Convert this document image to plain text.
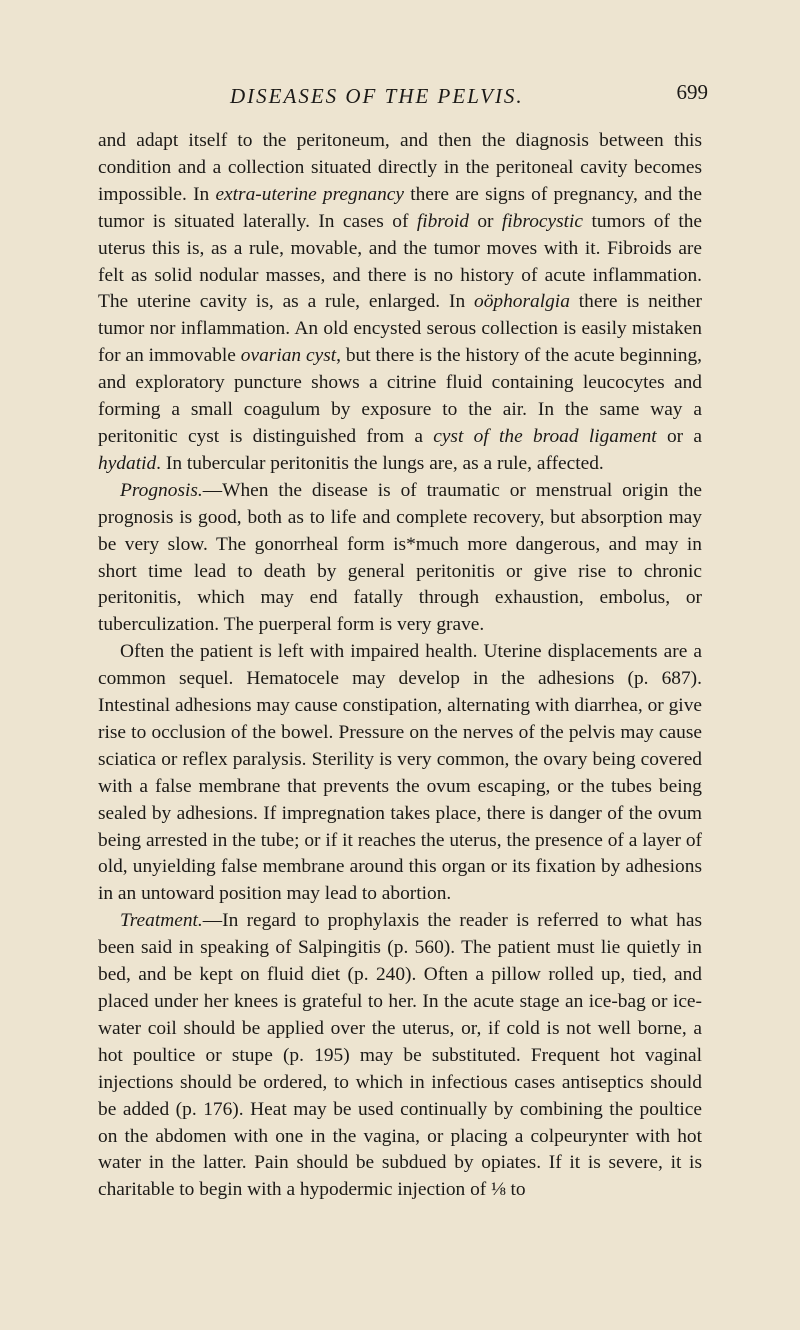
DISEASES OF THE PELVIS.	699

and adapt itself to the peritoneum, and then the diagnosis between this condition and a collection situated directly in the peritoneal cavity becomes impossible. In extra-uterine pregnancy there are signs of pregnancy, and the tumor is situated laterally. In cases of fibroid or fibrocystic tumors of the uterus this is, as a rule, movable, and the tumor moves with it. Fibroids are felt as solid nodular masses, and there is no history of acute inflammation. The uterine cavity is, as a rule, enlarged. In oöphoralgia there is neither tumor nor inflammation. An old encysted serous collection is easily mistaken for an immovable ovarian cyst, but there is the history of the acute beginning, and exploratory puncture shows a citrine fluid containing leucocytes and forming a small coagulum by exposure to the air. In the same way a peritonitic cyst is distinguished from a cyst of the broad ligament or a hydatid. In tubercular peritonitis the lungs are, as a rule, affected.

Prognosis.—When the disease is of traumatic or menstrual origin the prognosis is good, both as to life and complete recovery, but absorption may be very slow. The gonorrheal form is*much more dangerous, and may in short time lead to death by general peritonitis or give rise to chronic peritonitis, which may end fatally through exhaustion, embolus, or tuberculization. The puerperal form is very grave.

Often the patient is left with impaired health. Uterine displacements are a common sequel. Hematocele may develop in the adhesions (p. 687). Intestinal adhesions may cause constipation, alternating with diarrhea, or give rise to occlusion of the bowel. Pressure on the nerves of the pelvis may cause sciatica or reflex paralysis. Sterility is very common, the ovary being covered with a false membrane that prevents the ovum escaping, or the tubes being sealed by adhesions. If impregnation takes place, there is danger of the ovum being arrested in the tube; or if it reaches the uterus, the presence of a layer of old, unyielding false membrane around this organ or its fixation by adhesions in an untoward position may lead to abortion.

Treatment.—In regard to prophylaxis the reader is referred to what has been said in speaking of Salpingitis (p. 560). The patient must lie quietly in bed, and be kept on fluid diet (p. 240). Often a pillow rolled up, tied, and placed under her knees is grateful to her. In the acute stage an ice-bag or ice-water coil should be applied over the uterus, or, if cold is not well borne, a hot poultice or stupe (p. 195) may be substituted. Frequent hot vaginal injections should be ordered, to which in infectious cases antiseptics should be added (p. 176). Heat may be used continually by combining the poultice on the abdomen with one in the vagina, or placing a colpeurynter with hot water in the latter. Pain should be subdued by opiates. If it is severe, it is charitable to begin with a hypodermic injection of ⅛ to
